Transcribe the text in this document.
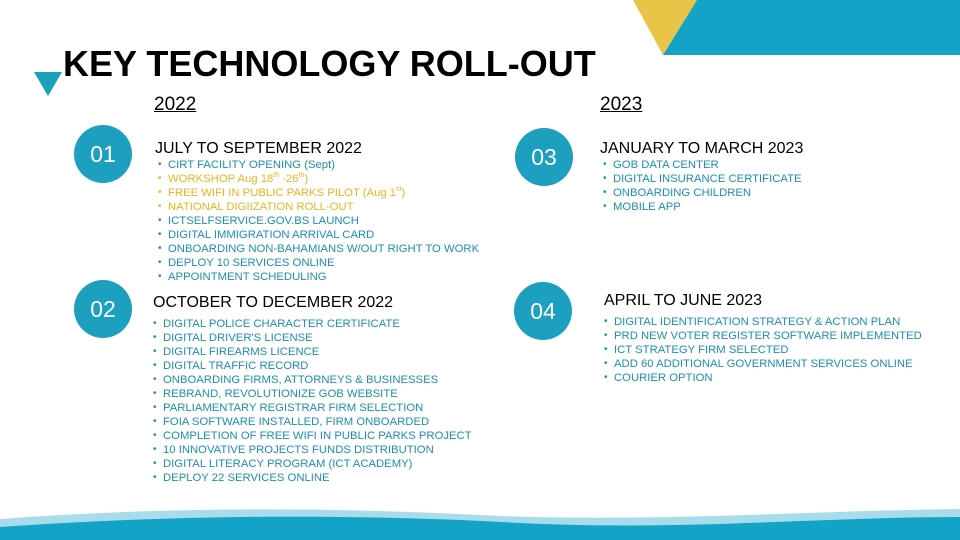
KEY TECHNOLOGY ROLL-OUT
2022	2023
01
02
03
04
JULY TO SEPTEMBER 2022
OCTOBER TO DECEMBER 2022
JANUARY TO MARCH 2023
APRIL TO JUNE 2023
• CIRT FACILITY OPENING (Sept)
• WORKSHOP Aug 18th -26th)
• FREE WIFI IN PUBLIC PARKS PILOT (Aug 1st)
• NATIONAL DIGIIZATION ROLL-OUT
• ICTSELFSERVICE.GOV.BS LAUNCH
• DIGITAL IMMIGRATION ARRIVAL CARD
• ONBOARDING NON-BAHAMIANS W/OUT RIGHT TO WORK
• DEPLOY 10 SERVICES ONLINE
• APPOINTMENT SCHEDULING
• DIGITAL POLICE CHARACTER CERTIFICATE
• DIGITAL DRIVER'S LICENSE
• DIGITAL FIREARMS LICENCE
• DIGITAL TRAFFIC RECORD
• ONBOARDING FIRMS, ATTORNEYS & BUSINESSES
• REBRAND, REVOLUTIONIZE GOB WEBSITE
• PARLIAMENTARY REGISTRAR FIRM SELECTION
• FOIA SOFTWARE INSTALLED, FIRM ONBOARDED
• COMPLETION OF FREE WIFI IN PUBLIC PARKS PROJECT
• 10 INNOVATIVE PROJECTS FUNDS DISTRIBUTION
• DIGITAL LITERACY PROGRAM (ICT ACADEMY)
• DEPLOY 22 SERVICES ONLINE
• GOB DATA CENTER
• DIGITAL INSURANCE CERTIFICATE
• ONBOARDING CHILDREN
• MOBILE APP
• DIGITAL IDENTIFICATION STRATEGY & ACTION PLAN
• PRD NEW VOTER REGISTER SOFTWARE IMPLEMENTED
• ICT STRATEGY FIRM SELECTED
• ADD 60 ADDITIONAL GOVERNMENT SERVICES ONLINE
• COURIER OPTION
